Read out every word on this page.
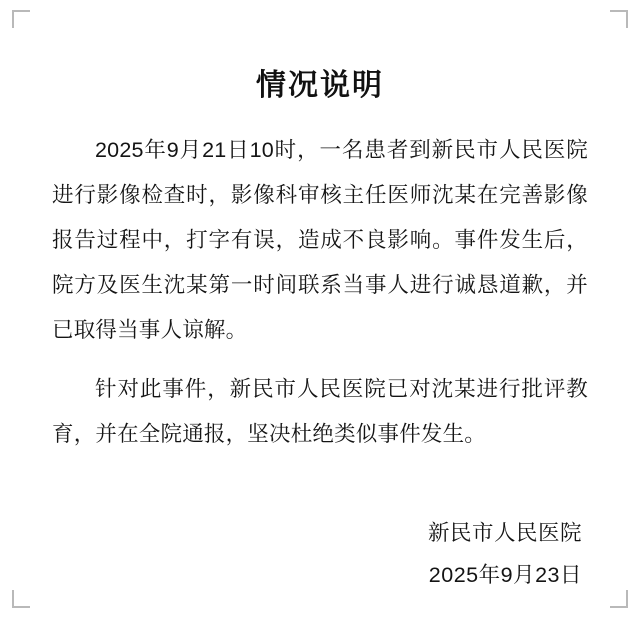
情况说明

2025年9月21日10时，一名患者到新民市人民医院进行影像检查时，影像科审核主任医师沈某在完善影像报告过程中，打字有误，造成不良影响。事件发生后，院方及医生沈某第一时间联系当事人进行诚恳道歉，并已取得当事人谅解。

针对此事件，新民市人民医院已对沈某进行批评教育，并在全院通报，坚决杜绝类似事件发生。

新民市人民医院
2025年9月23日
